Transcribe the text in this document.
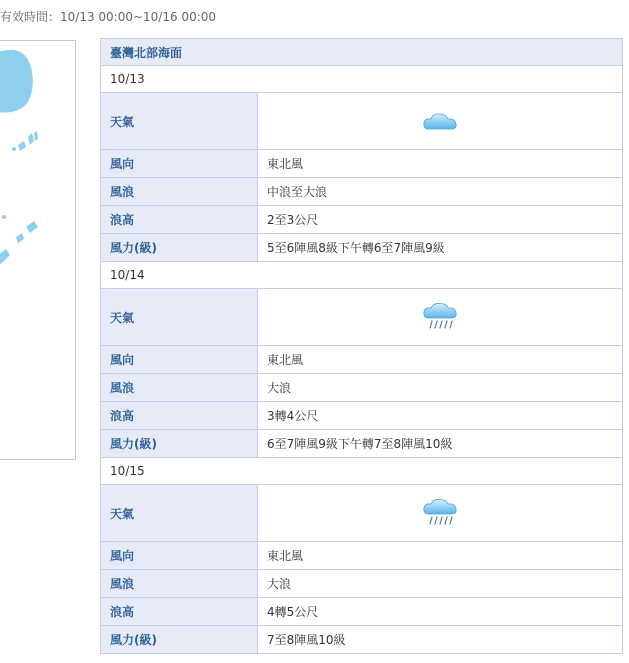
有效時間：10/13 00:00~10/16 00:00
臺灣北部海面	
10/13	
天氣	
風向	東北風
風浪	中浪至大浪
浪高	2至3公尺
風力(級)	5至6陣風8級下午轉6至7陣風9級
10/14	
天氣	
風向	東北風
風浪	大浪
浪高	3轉4公尺
風力(級)	6至7陣風9級下午轉7至8陣風10級
10/15	
天氣	
風向	東北風
風浪	大浪
浪高	4轉5公尺
風力(級)	7至8陣風10級
